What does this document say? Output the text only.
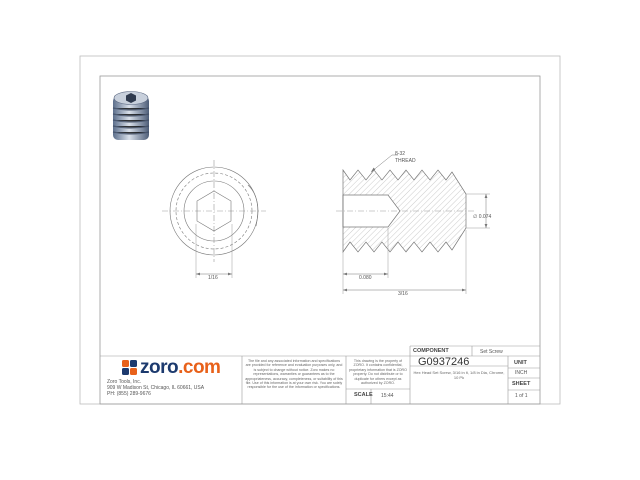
8-32
THREAD
1/16
∅ 0.074
0.080
3/16
zoro .com
Zoro Tools, Inc.
909 W Madison St, Chicago, IL 60661, USA
PH: (855) 289-9676
The file and any associated information and specifications are provided for reference and evaluation purposes only, and is subject to change without notice. Zoro makes no representations, warranties or guarantees as to the appropriateness, accuracy, completeness, or suitability of this file. Use of this information is at your own risk. You are solely responsible for the use of the information or specifications.
This drawing is the property of ZORO. It contains confidential, proprietary information that is ZORO property. Do not distribute or to duplicate for others except as authorized by ZORO.
COMPONENT	Set Screw
G0937246
Hex Head Set Screw, 3/16 in lt, 1/8 in Dia, Chrome, 10 Pk
SCALE 15:44
UNIT
INCH
SHEET
1 of 1
